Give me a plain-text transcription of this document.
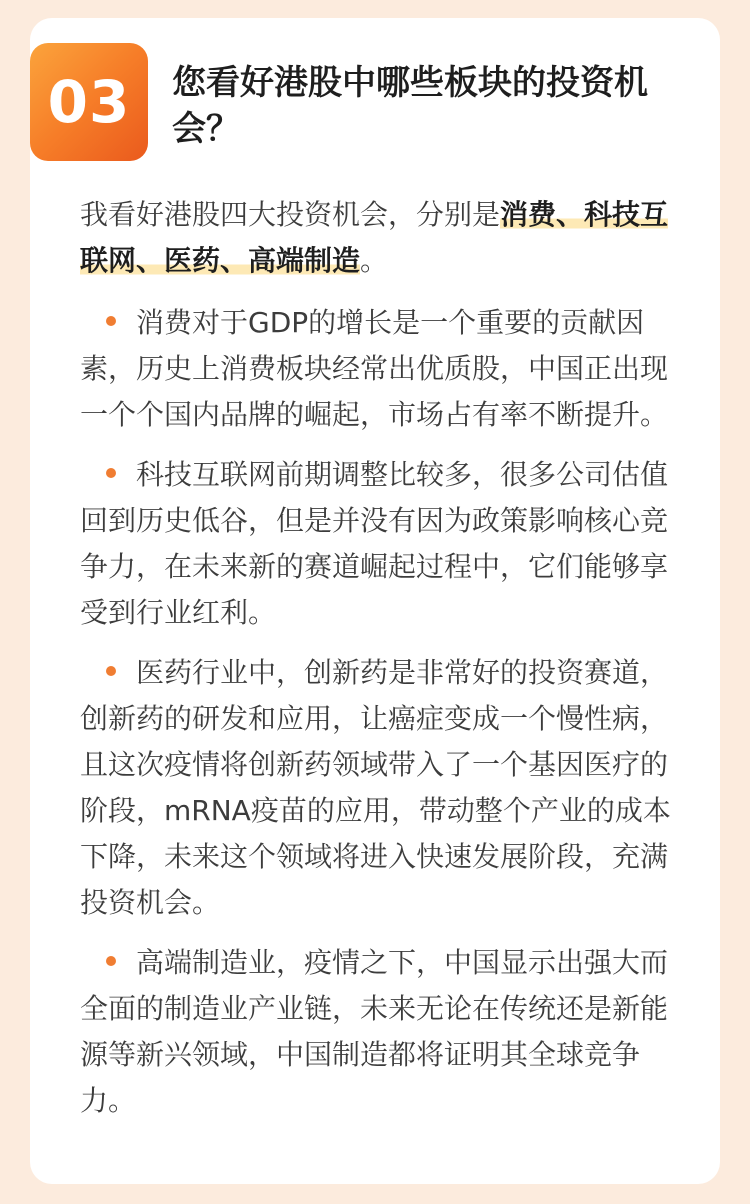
03	您看好港股中哪些板块的投资机会？

我看好港股四大投资机会，分别是消费、科技互联网、医药、高端制造。

消费对于GDP的增长是一个重要的贡献因素，历史上消费板块经常出优质股，中国正出现一个个国内品牌的崛起，市场占有率不断提升。
科技互联网前期调整比较多，很多公司估值回到历史低谷，但是并没有因为政策影响核心竞争力，在未来新的赛道崛起过程中，它们能够享受到行业红利。
医药行业中，创新药是非常好的投资赛道，创新药的研发和应用，让癌症变成一个慢性病，且这次疫情将创新药领域带入了一个基因医疗的阶段，mRNA疫苗的应用，带动整个产业的成本下降，未来这个领域将进入快速发展阶段，充满投资机会。
高端制造业，疫情之下，中国显示出强大而全面的制造业产业链，未来无论在传统还是新能源等新兴领域，中国制造都将证明其全球竞争力。
